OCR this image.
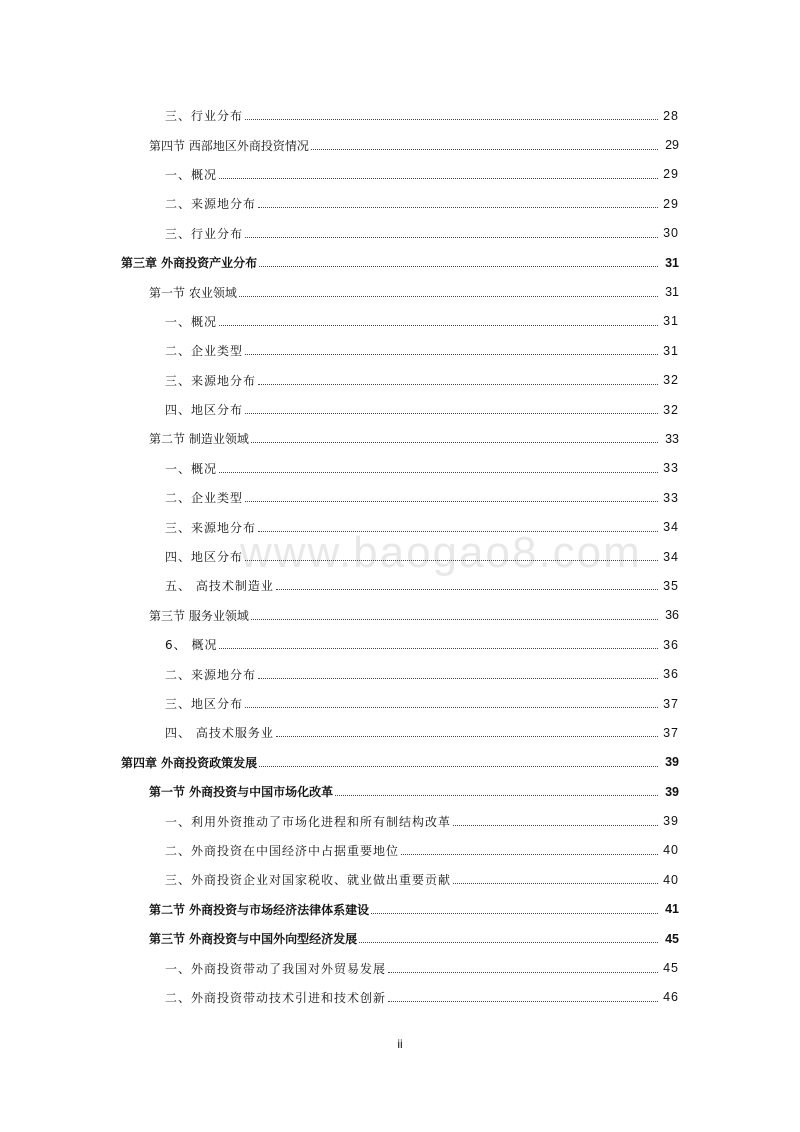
www.baogao8.com
三、行业分布	28
第四节 西部地区外商投资情况	29
一、概况	29
二、来源地分布	29
三、行业分布	30
第三章 外商投资产业分布	31
第一节 农业领域	31
一、概况	31
二、企业类型	31
三、来源地分布	32
四、地区分布	32
第二节 制造业领域	33
一、概况	33
二、企业类型	33
三、来源地分布	34
四、地区分布	34
五、 高技术制造业	35
第三节 服务业领域	36
6、 概况	36
二、来源地分布	36
三、地区分布	37
四、 高技术服务业	37
第四章 外商投资政策发展	39
第一节 外商投资与中国市场化改革	39
一、利用外资推动了市场化进程和所有制结构改革	39
二、外商投资在中国经济中占据重要地位	40
三、外商投资企业对国家税收、就业做出重要贡献	40
第二节 外商投资与市场经济法律体系建设	41
第三节 外商投资与中国外向型经济发展	45
一、外商投资带动了我国对外贸易发展	45
二、外商投资带动技术引进和技术创新	46
ii
